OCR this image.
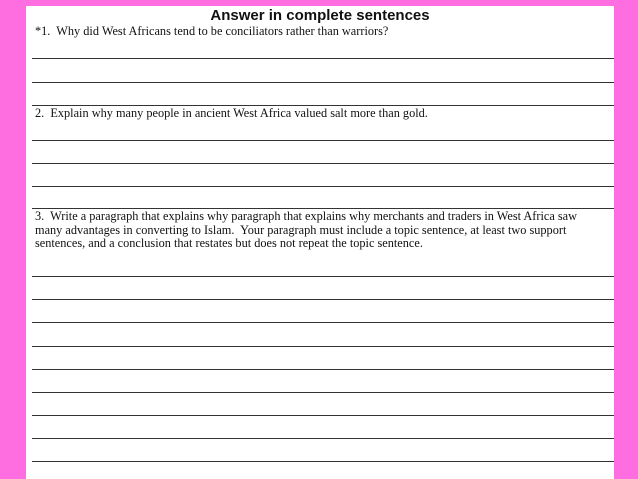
Answer in complete sentences
*1.  Why did West Africans tend to be conciliators rather than warriors?
2.  Explain why many people in ancient West Africa valued salt more than gold.
3.  Write a paragraph that explains why paragraph that explains why merchants and traders in West Africa saw many advantages in converting to Islam.  Your paragraph must include a topic sentence, at least two support sentences, and a conclusion that restates but does not repeat the topic sentence.
